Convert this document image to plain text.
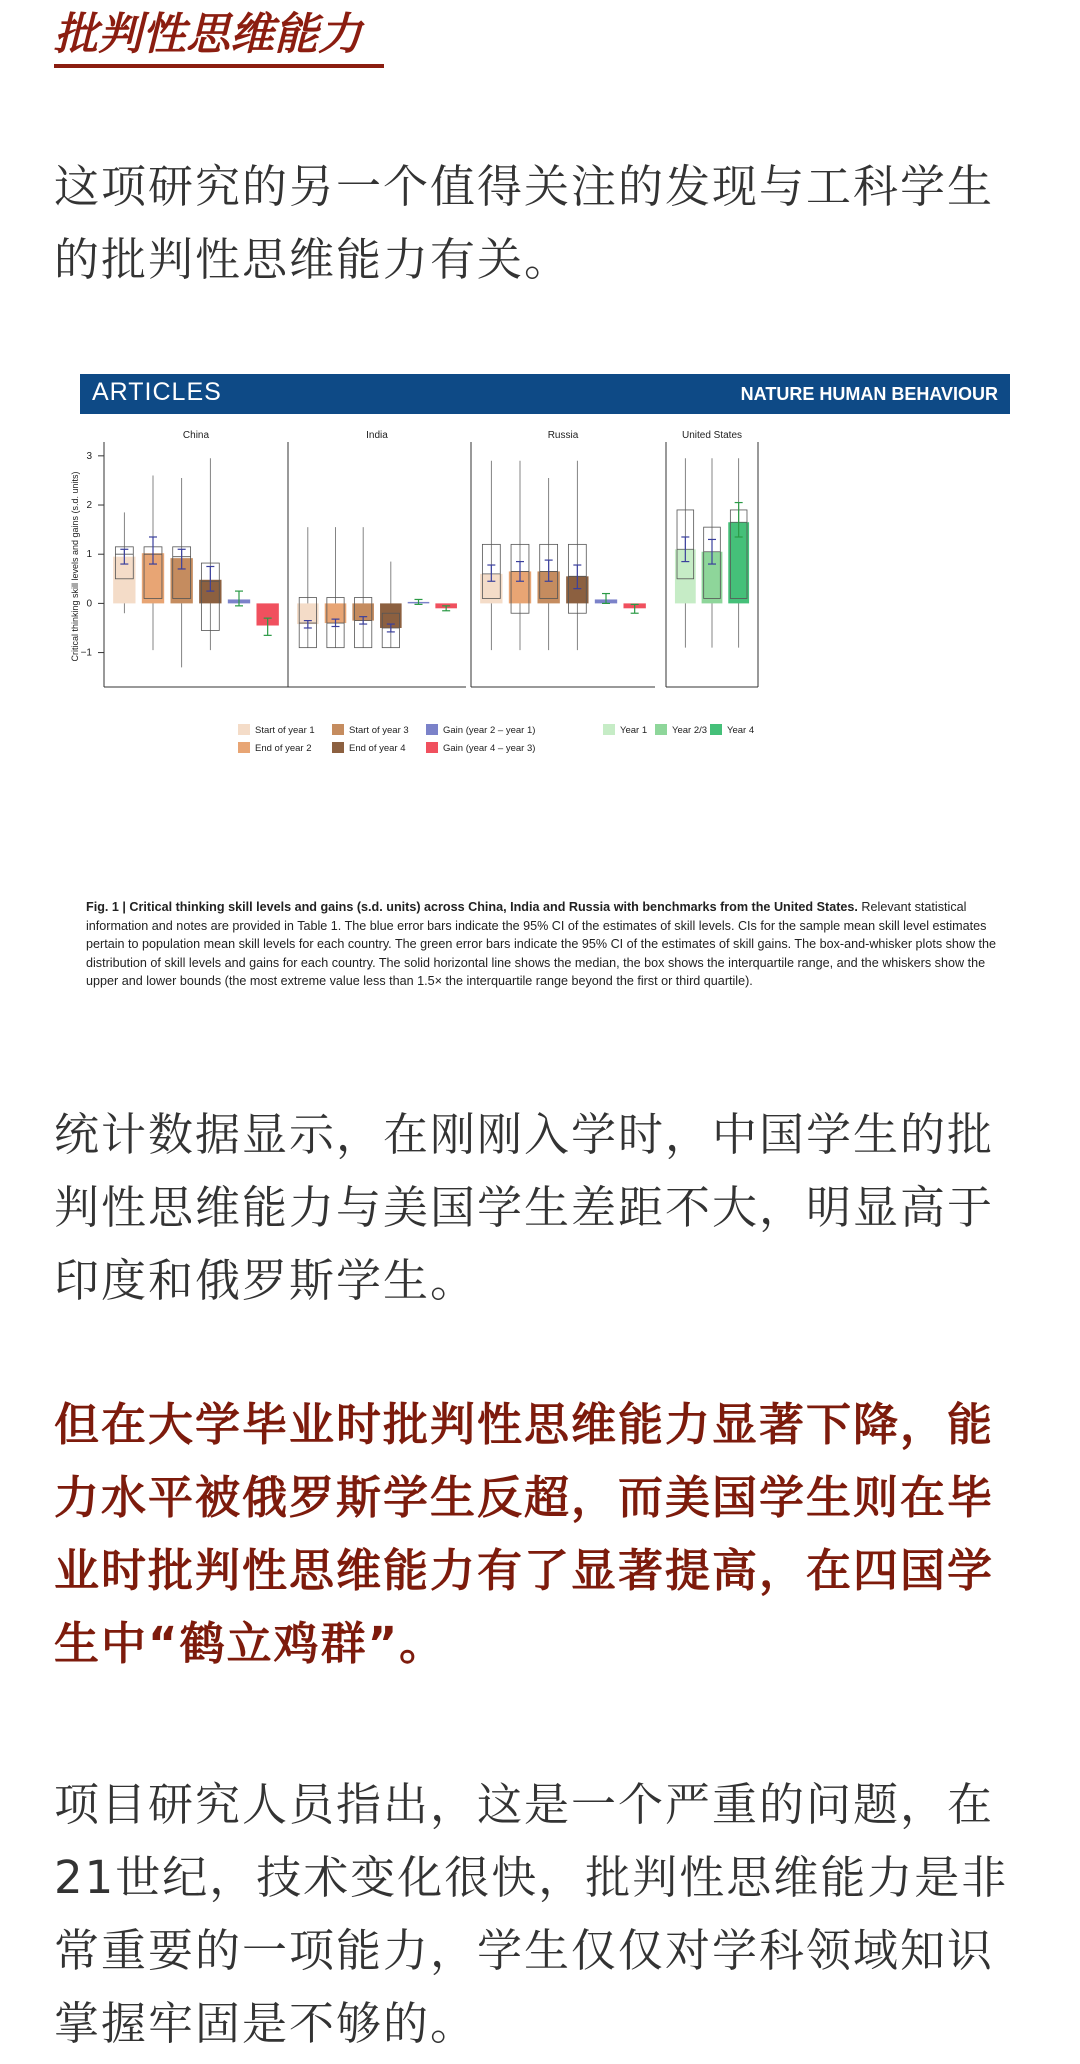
批判性思维能力

这项研究的另一个值得关注的发现与工科学生的批判性思维能力有关。

ARTICLES	NATURE HUMAN BEHAVIOUR
3
2
1
0
−1
Critical thinking skill levels and gains (s.d. units)
China	India	Russia	United States
Start of year 1
End of year 2
Start of year 3
End of year 4
Gain (year 2 – year 1)
Gain (year 4 – year 3)
Year 1	Year 2/3 Year 4

Fig. 1 | Critical thinking skill levels and gains (s.d. units) across China, India and Russia with benchmarks from the United States. Relevant statistical information and notes are provided in Table 1. The blue error bars indicate the 95% CI of the estimates of skill levels. CIs for the sample mean skill level estimates pertain to population mean skill levels for each country. The green error bars indicate the 95% CI of the estimates of skill gains. The box-and-whisker plots show the distribution of skill levels and gains for each country. The solid horizontal line shows the median, the box shows the interquartile range, and the whiskers show the upper and lower bounds (the most extreme value less than 1.5× the interquartile range beyond the first or third quartile).

统计数据显示，在刚刚入学时，中国学生的批判性思维能力与美国学生差距不大，明显高于印度和俄罗斯学生。

但在大学毕业时批判性思维能力显著下降，能力水平被俄罗斯学生反超，而美国学生则在毕业时批判性思维能力有了显著提高，在四国学生中“鹤立鸡群”。

项目研究人员指出，这是一个严重的问题，在21世纪，技术变化很快，批判性思维能力是非常重要的一项能力，学生仅仅对学科领域知识掌握牢固是不够的。
